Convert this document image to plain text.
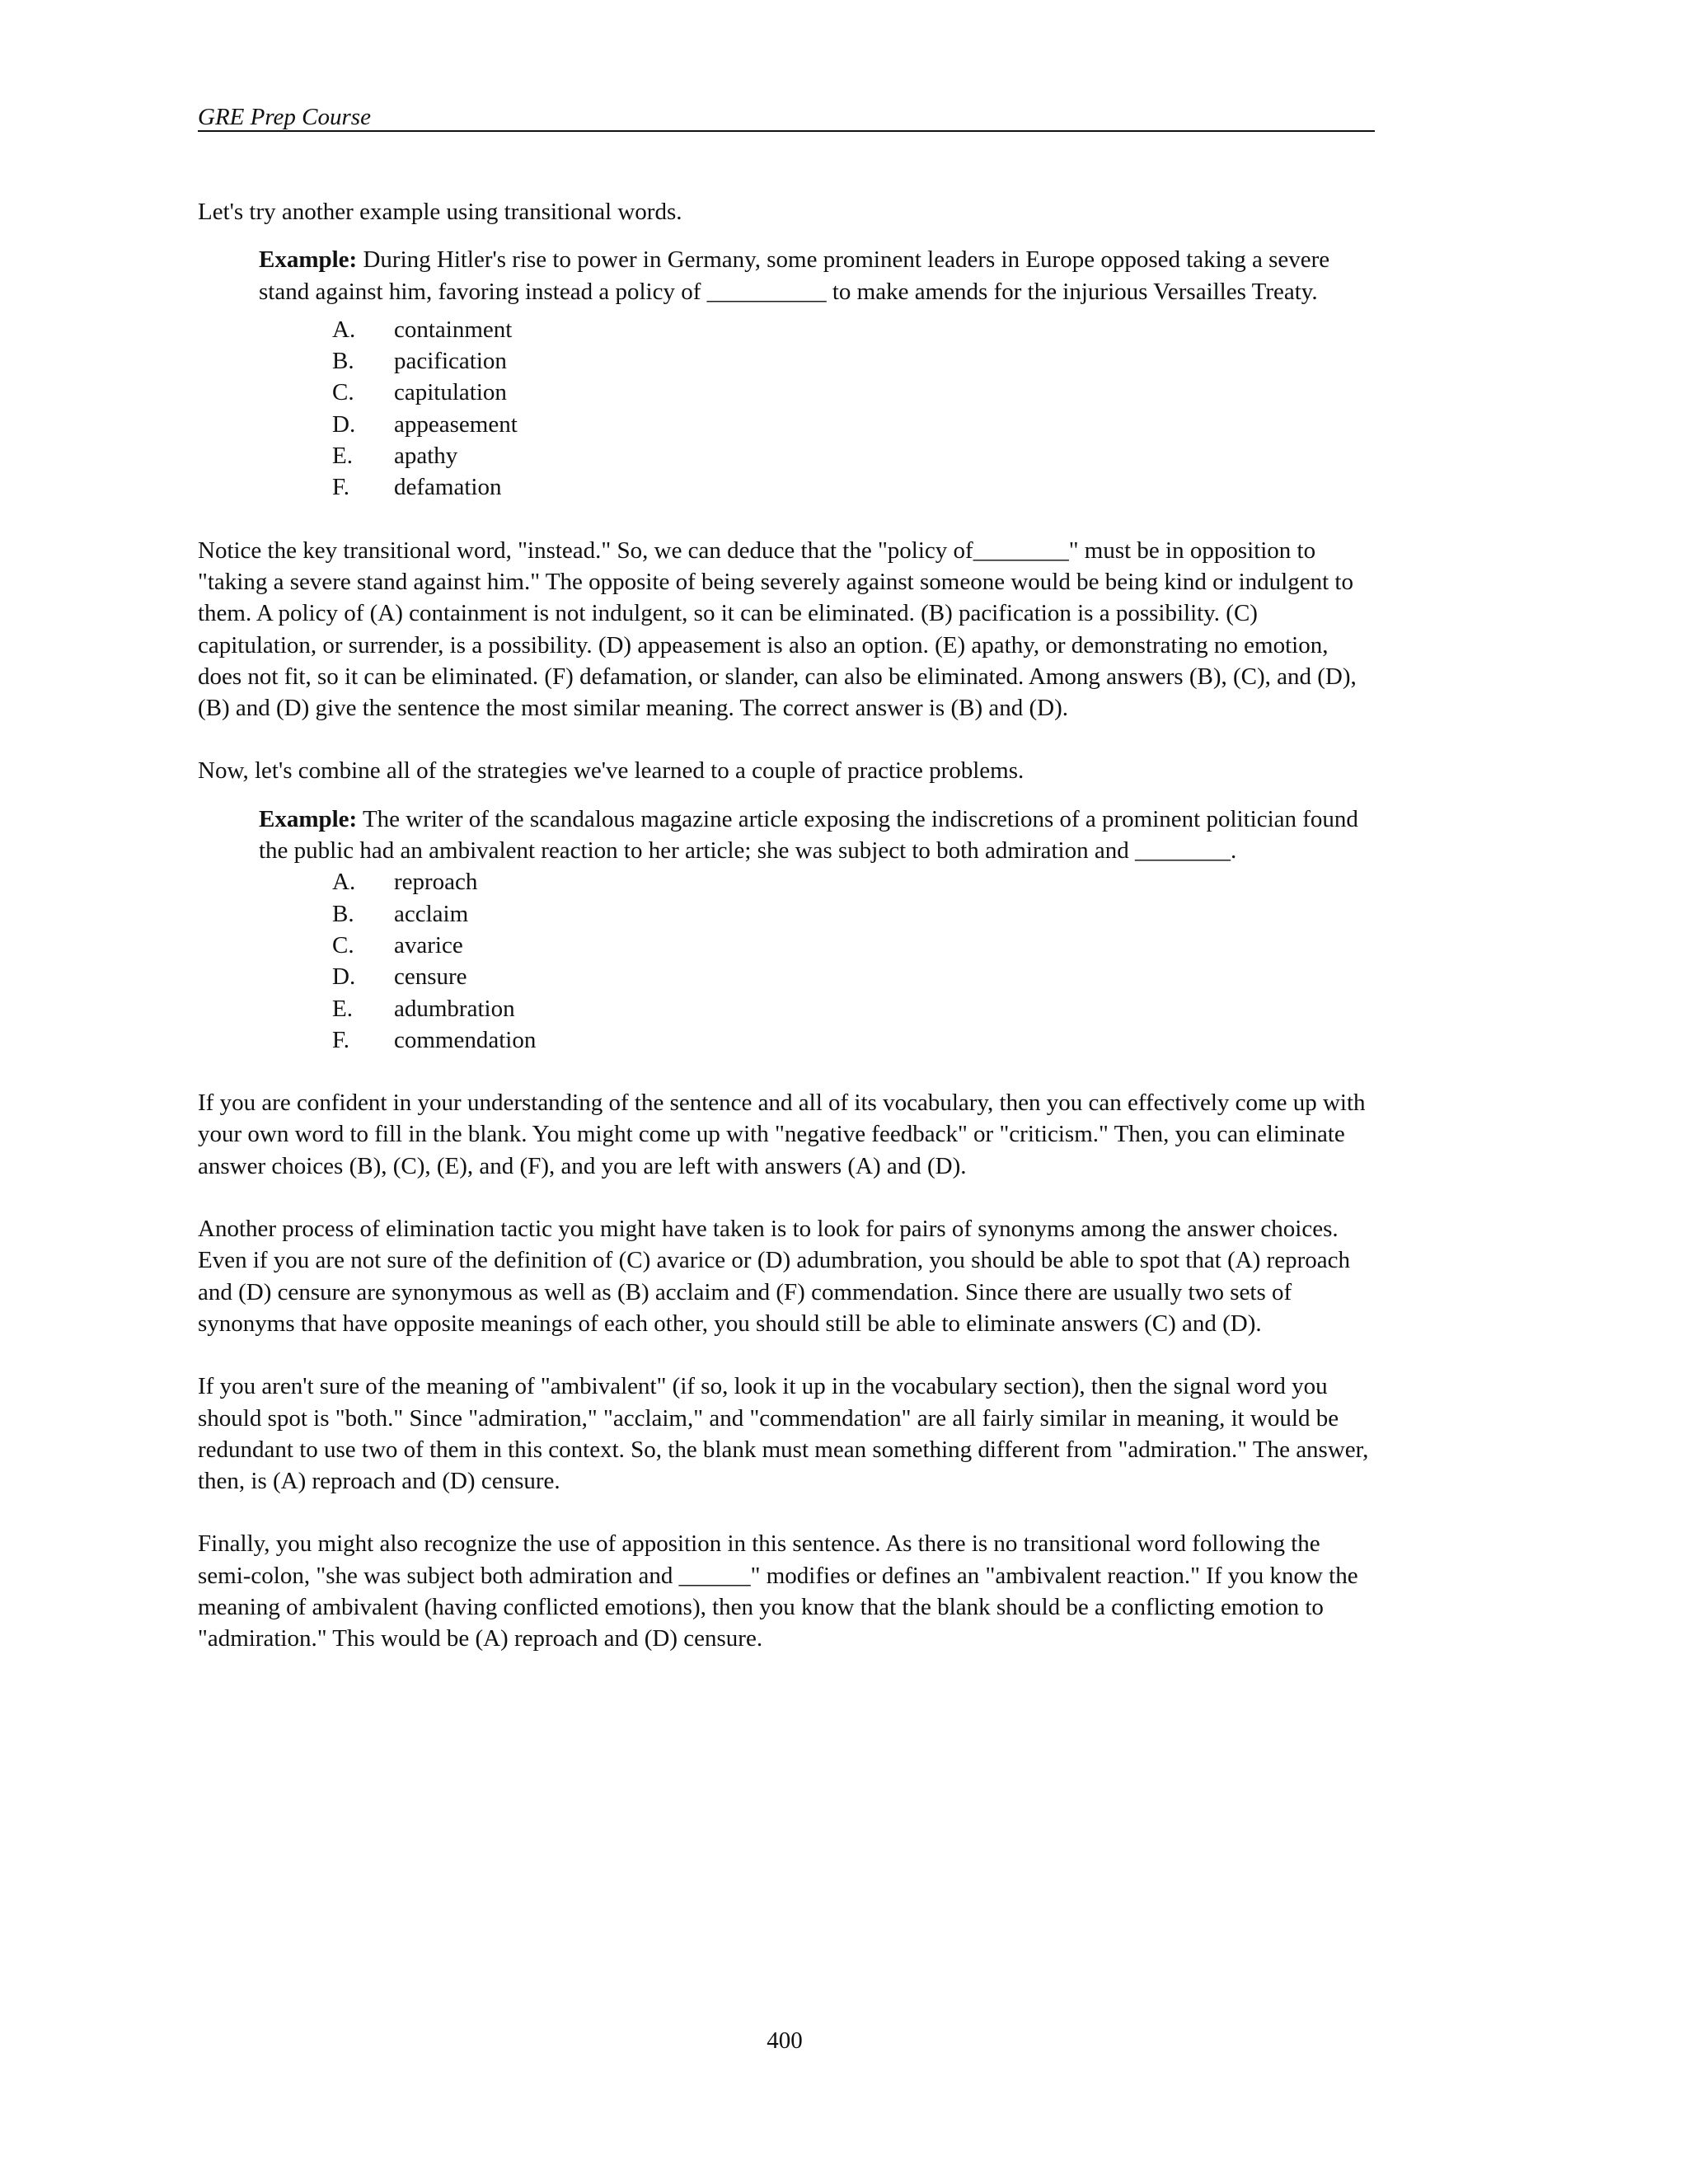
GRE Prep Course

Let's try another example using transitional words.

Example: During Hitler's rise to power in Germany, some prominent leaders in Europe opposed taking a severe stand against him, favoring instead a policy of __________ to make amends for the injurious Versailles Treaty.

A.	containment
B.	pacification
C.	capitulation
D.	appeasement
E.	apathy
F.	defamation

Notice the key transitional word, "instead." So, we can deduce that the "policy of________" must be in opposition to "taking a severe stand against him." The opposite of being severely against someone would be being kind or indulgent to them. A policy of (A) containment is not indulgent, so it can be eliminated. (B) pacification is a possibility. (C) capitulation, or surrender, is a possibility. (D) appeasement is also an option. (E) apathy, or demonstrating no emotion, does not fit, so it can be eliminated. (F) defamation, or slander, can also be eliminated. Among answers (B), (C), and (D), (B) and (D) give the sentence the most similar meaning. The correct answer is (B) and (D).

Now, let's combine all of the strategies we've learned to a couple of practice problems.

Example: The writer of the scandalous magazine article exposing the indiscretions of a prominent politician found the public had an ambivalent reaction to her article; she was subject to both admiration and ________.

A.	reproach
B.	acclaim
C.	avarice
D.	censure
E.	adumbration
F.	commendation

If you are confident in your understanding of the sentence and all of its vocabulary, then you can effectively come up with your own word to fill in the blank. You might come up with "negative feedback" or "criticism." Then, you can eliminate answer choices (B), (C), (E), and (F), and you are left with answers (A) and (D).

Another process of elimination tactic you might have taken is to look for pairs of synonyms among the answer choices. Even if you are not sure of the definition of (C) avarice or (D) adumbration, you should be able to spot that (A) reproach and (D) censure are synonymous as well as (B) acclaim and (F) commendation. Since there are usually two sets of synonyms that have opposite meanings of each other, you should still be able to eliminate answers (C) and (D).

If you aren't sure of the meaning of "ambivalent" (if so, look it up in the vocabulary section), then the signal word you should spot is "both." Since "admiration," "acclaim," and "commendation" are all fairly similar in meaning, it would be redundant to use two of them in this context. So, the blank must mean something different from "admiration." The answer, then, is (A) reproach and (D) censure.

Finally, you might also recognize the use of apposition in this sentence. As there is no transitional word following the semi-colon, "she was subject both admiration and ______" modifies or defines an "ambivalent reaction." If you know the meaning of ambivalent (having conflicted emotions), then you know that the blank should be a conflicting emotion to "admiration." This would be (A) reproach and (D) censure.

400
